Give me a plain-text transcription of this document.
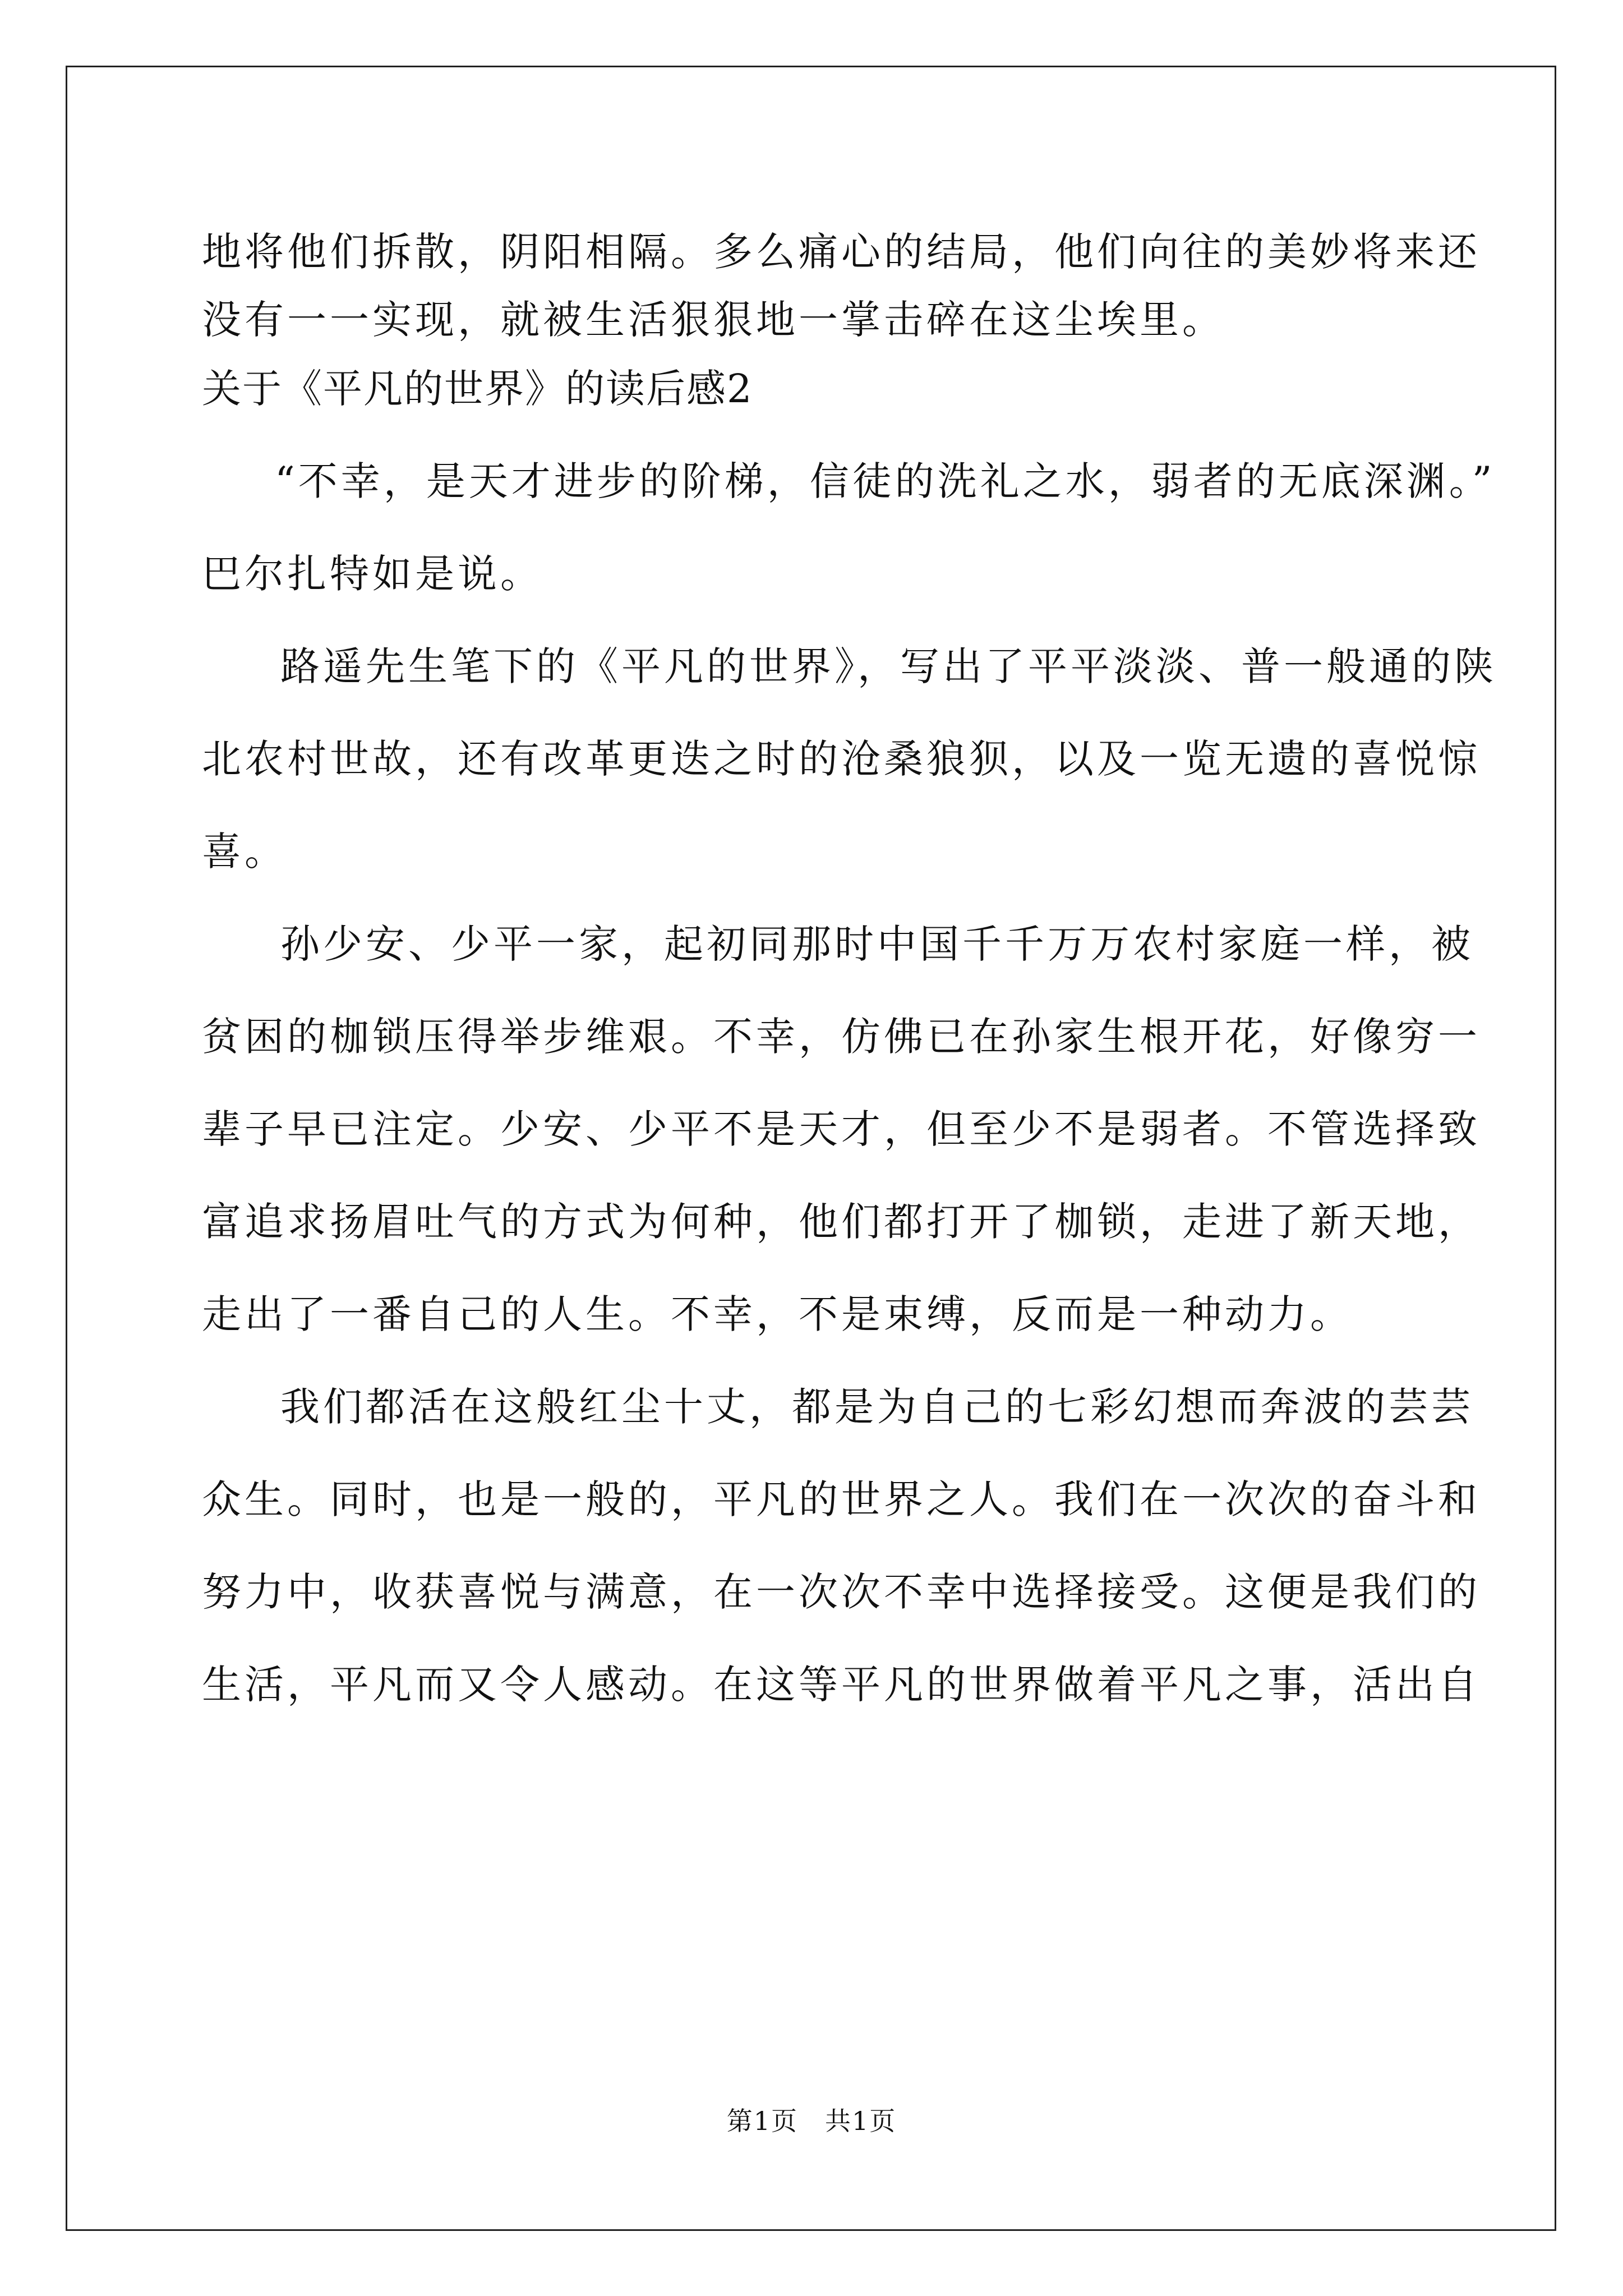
地将他们拆散，阴阳相隔。多么痛心的结局，他们向往的美妙将来还
没有一一实现，就被生活狠狠地一掌击碎在这尘埃里。
关于《平凡的世界》的读后感2
“不幸，是天才进步的阶梯，信徒的洗礼之水，弱者的无底深渊。”
巴尔扎特如是说。
路遥先生笔下的《平凡的世界》，写出了平平淡淡、普一般通的陕
北农村世故，还有改革更迭之时的沧桑狼狈，以及一览无遗的喜悦惊
喜。
孙少安、少平一家，起初同那时中国千千万万农村家庭一样，被
贫困的枷锁压得举步维艰。不幸，仿佛已在孙家生根开花，好像穷一
辈子早已注定。少安、少平不是天才，但至少不是弱者。不管选择致
富追求扬眉吐气的方式为何种，他们都打开了枷锁，走进了新天地，
走出了一番自己的人生。不幸，不是束缚，反而是一种动力。
我们都活在这般红尘十丈，都是为自己的七彩幻想而奔波的芸芸
众生。同时，也是一般的，平凡的世界之人。我们在一次次的奋斗和
努力中，收获喜悦与满意，在一次次不幸中选择接受。这便是我们的
生活，平凡而又令人感动。在这等平凡的世界做着平凡之事，活出自
第1页　共1页
